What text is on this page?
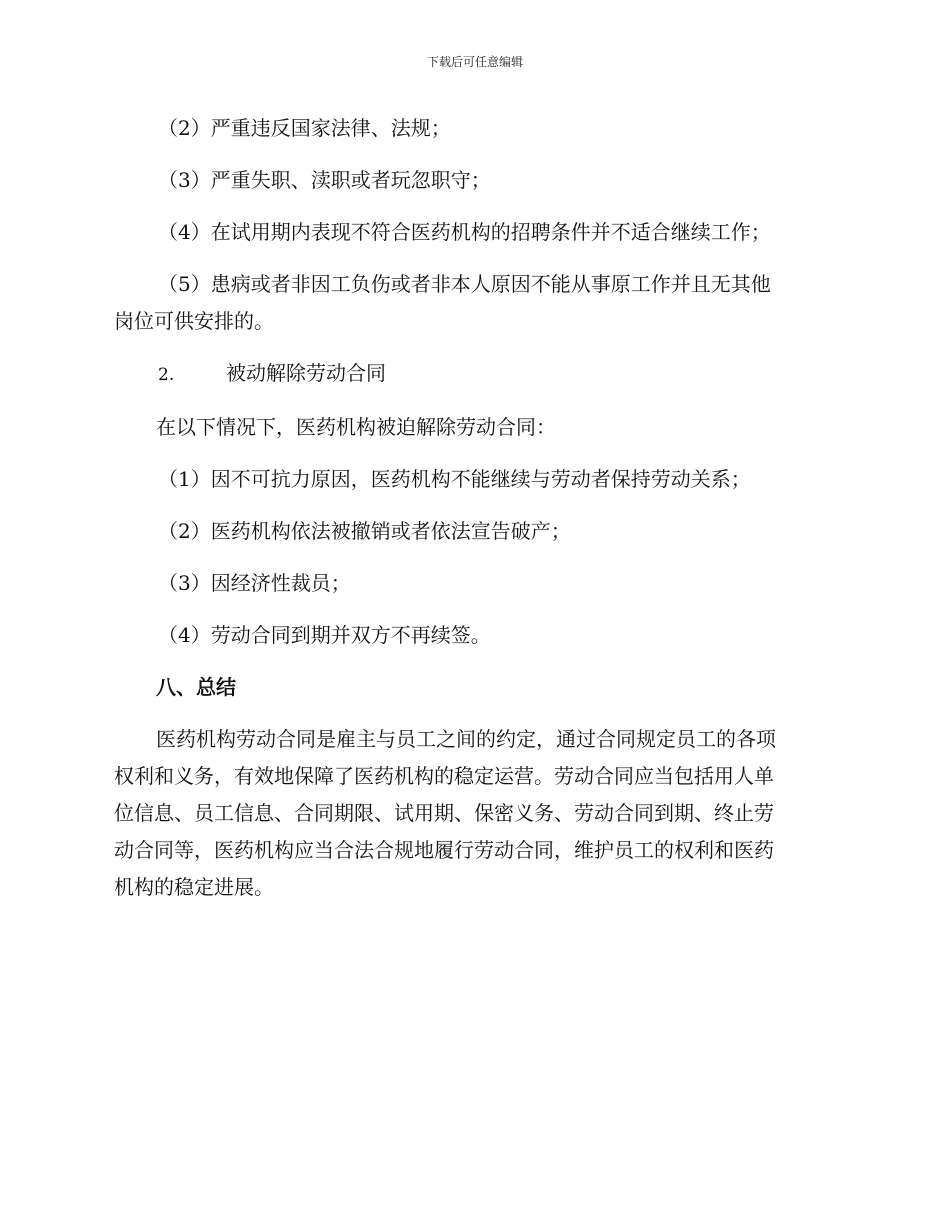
下载后可任意编辑
（2）严重违反国家法律、法规；
（3）严重失职、渎职或者玩忽职守；
（4）在试用期内表现不符合医药机构的招聘条件并不适合继续工作；
（5）患病或者非因工负伤或者非本人原因不能从事原工作并且无其他
岗位可供安排的。
2.	被动解除劳动合同
在以下情况下，医药机构被迫解除劳动合同：
（1）因不可抗力原因，医药机构不能继续与劳动者保持劳动关系；
（2）医药机构依法被撤销或者依法宣告破产；
（3）因经济性裁员；
（4）劳动合同到期并双方不再续签。
八、总结
医药机构劳动合同是雇主与员工之间的约定，通过合同规定员工的各项
权利和义务，有效地保障了医药机构的稳定运营。劳动合同应当包括用人单
位信息、员工信息、合同期限、试用期、保密义务、劳动合同到期、终止劳
动合同等，医药机构应当合法合规地履行劳动合同，维护员工的权利和医药
机构的稳定进展。
